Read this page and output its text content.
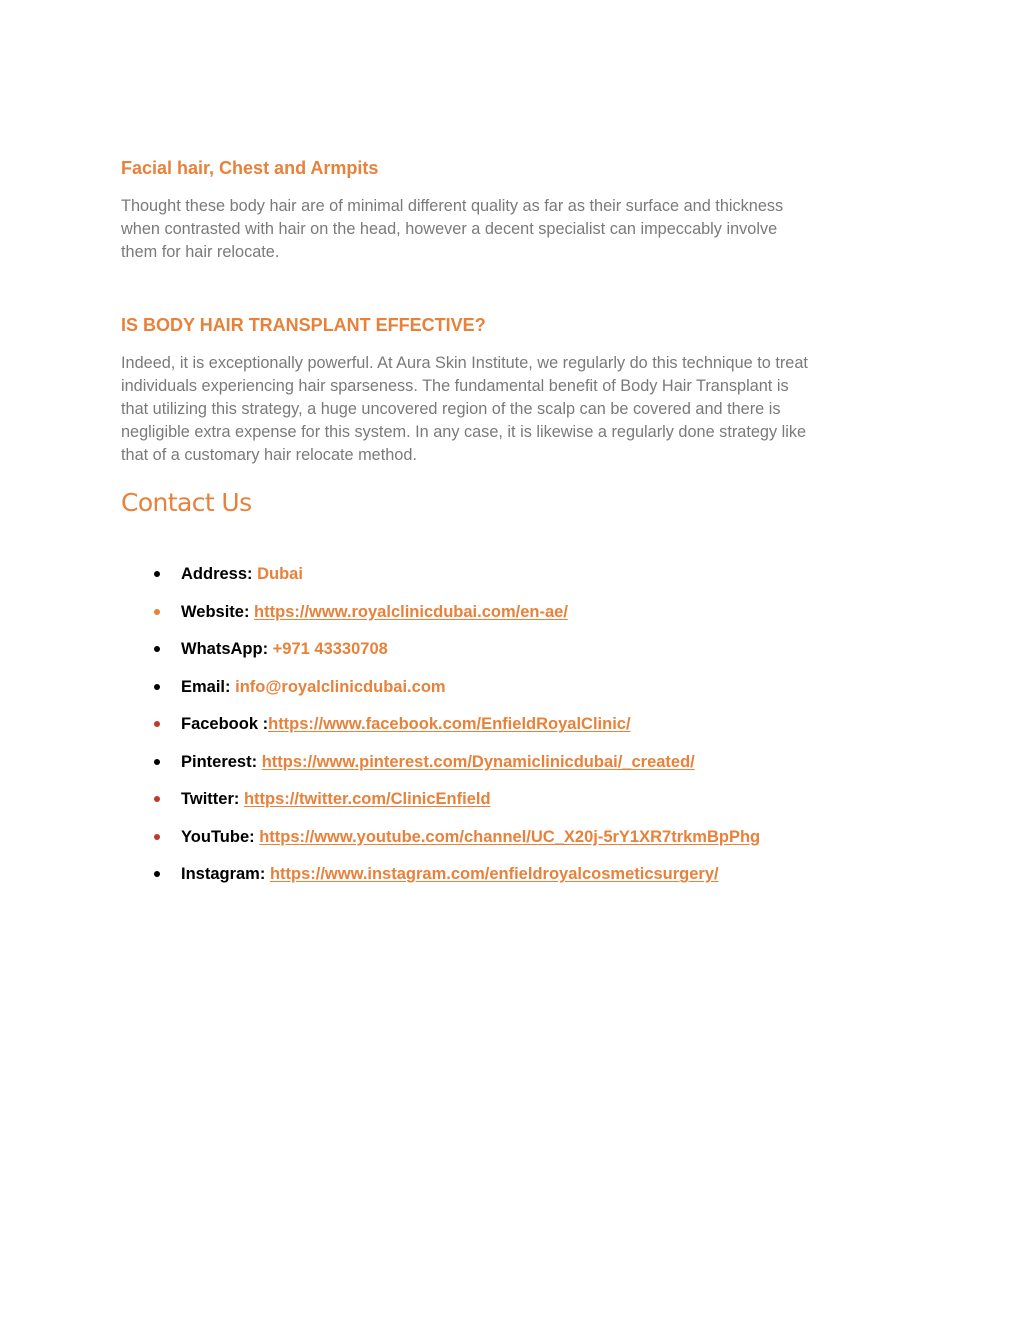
Facial hair, Chest and Armpits

Thought these body hair are of minimal different quality as far as their surface and thickness
when contrasted with hair on the head, however a decent specialist can impeccably involve
them for hair relocate.

IS BODY HAIR TRANSPLANT EFFECTIVE?

Indeed, it is exceptionally powerful. At Aura Skin Institute, we regularly do this technique to treat
individuals experiencing hair sparseness. The fundamental benefit of Body Hair Transplant is
that utilizing this strategy, a huge uncovered region of the scalp can be covered and there is
negligible extra expense for this system. In any case, it is likewise a regularly done strategy like
that of a customary hair relocate method.

Contact Us
Address: Dubai
Website: https://www.royalclinicdubai.com/en-ae/
WhatsApp: +971 43330708
Email: info@royalclinicdubai.com
Facebook :https://www.facebook.com/EnfieldRoyalClinic/
Pinterest: https://www.pinterest.com/Dynamiclinicdubai/_created/
Twitter: https://twitter.com/ClinicEnfield
YouTube: https://www.youtube.com/channel/UC_X20j-5rY1XR7trkmBpPhg
Instagram: https://www.instagram.com/enfieldroyalcosmeticsurgery/
